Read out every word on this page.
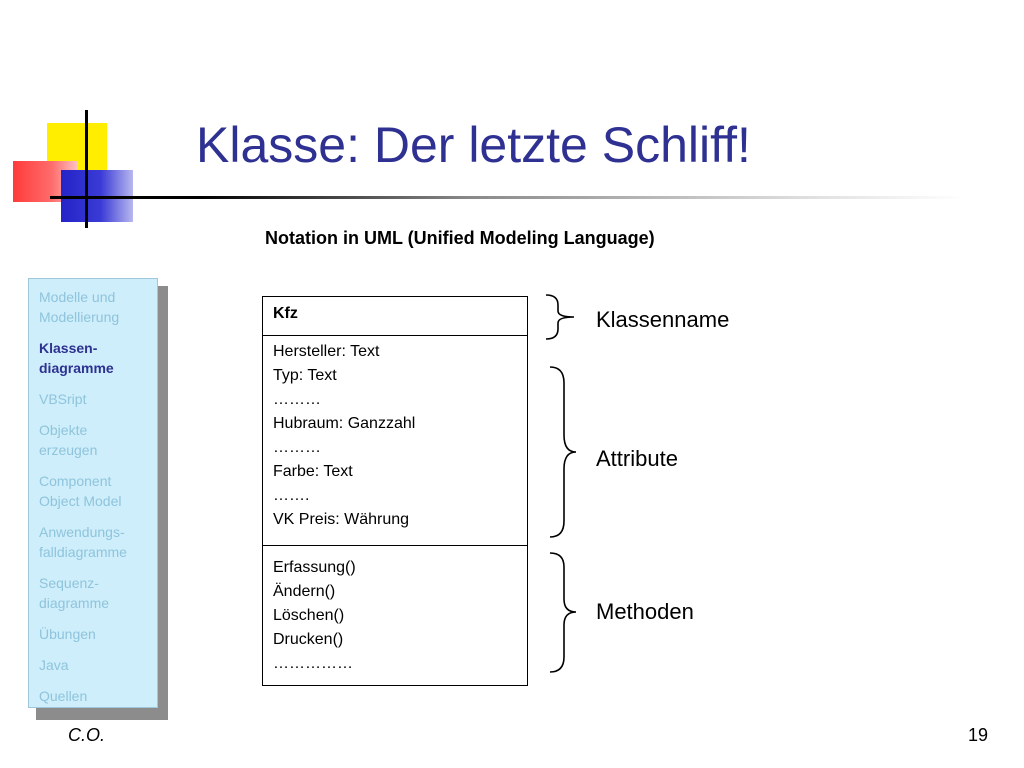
Klasse: Der letzte Schliff!
Notation in UML (Unified Modeling Language)
Modelle und
Modellierung
Klassen-
diagramme
VBSript
Objekte
erzeugen
Component
Object Model
Anwendungs-
falldiagramme
Sequenz-
diagramme
Übungen
Java
Quellen
Kfz
Hersteller: Text
Typ: Text
………
Hubraum: Ganzzahl
………
Farbe: Text
…….
VK Preis: Währung
Erfassung()
Ändern()
Löschen()
Drucken()
……………
Klassenname
Attribute
Methoden
C.O.	19
